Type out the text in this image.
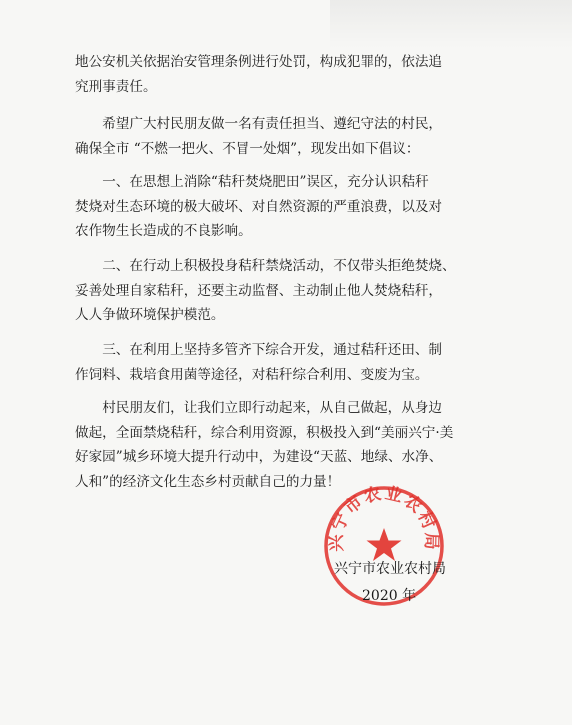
地公安机关依据治安管理条例进行处罚，构成犯罪的，依法追
究刑事责任。
希望广大村民朋友做一名有责任担当、遵纪守法的村民，
确保全市 “不燃一把火、不冒一处烟”，现发出如下倡议：
一、在思想上消除“秸秆焚烧肥田”误区，充分认识秸秆
焚烧对生态环境的极大破坏、对自然资源的严重浪费，以及对
农作物生长造成的不良影响。
二、在行动上积极投身秸秆禁烧活动，不仅带头拒绝焚烧、
妥善处理自家秸秆，还要主动监督、主动制止他人焚烧秸秆，
人人争做环境保护模范。
三、在利用上坚持多管齐下综合开发，通过秸秆还田、制
作饲料、栽培食用菌等途径，对秸秆综合利用、变废为宝。
村民朋友们，让我们立即行动起来，从自己做起，从身边
做起，全面禁烧秸秆，综合利用资源，积极投入到“美丽兴宁·美
好家园”城乡环境大提升行动中，为建设“天蓝、地绿、水净、
人和”的经济文化生态乡村贡献自己的力量！
兴宁市农业农村局
兴宁市农业农村局
2020 年
